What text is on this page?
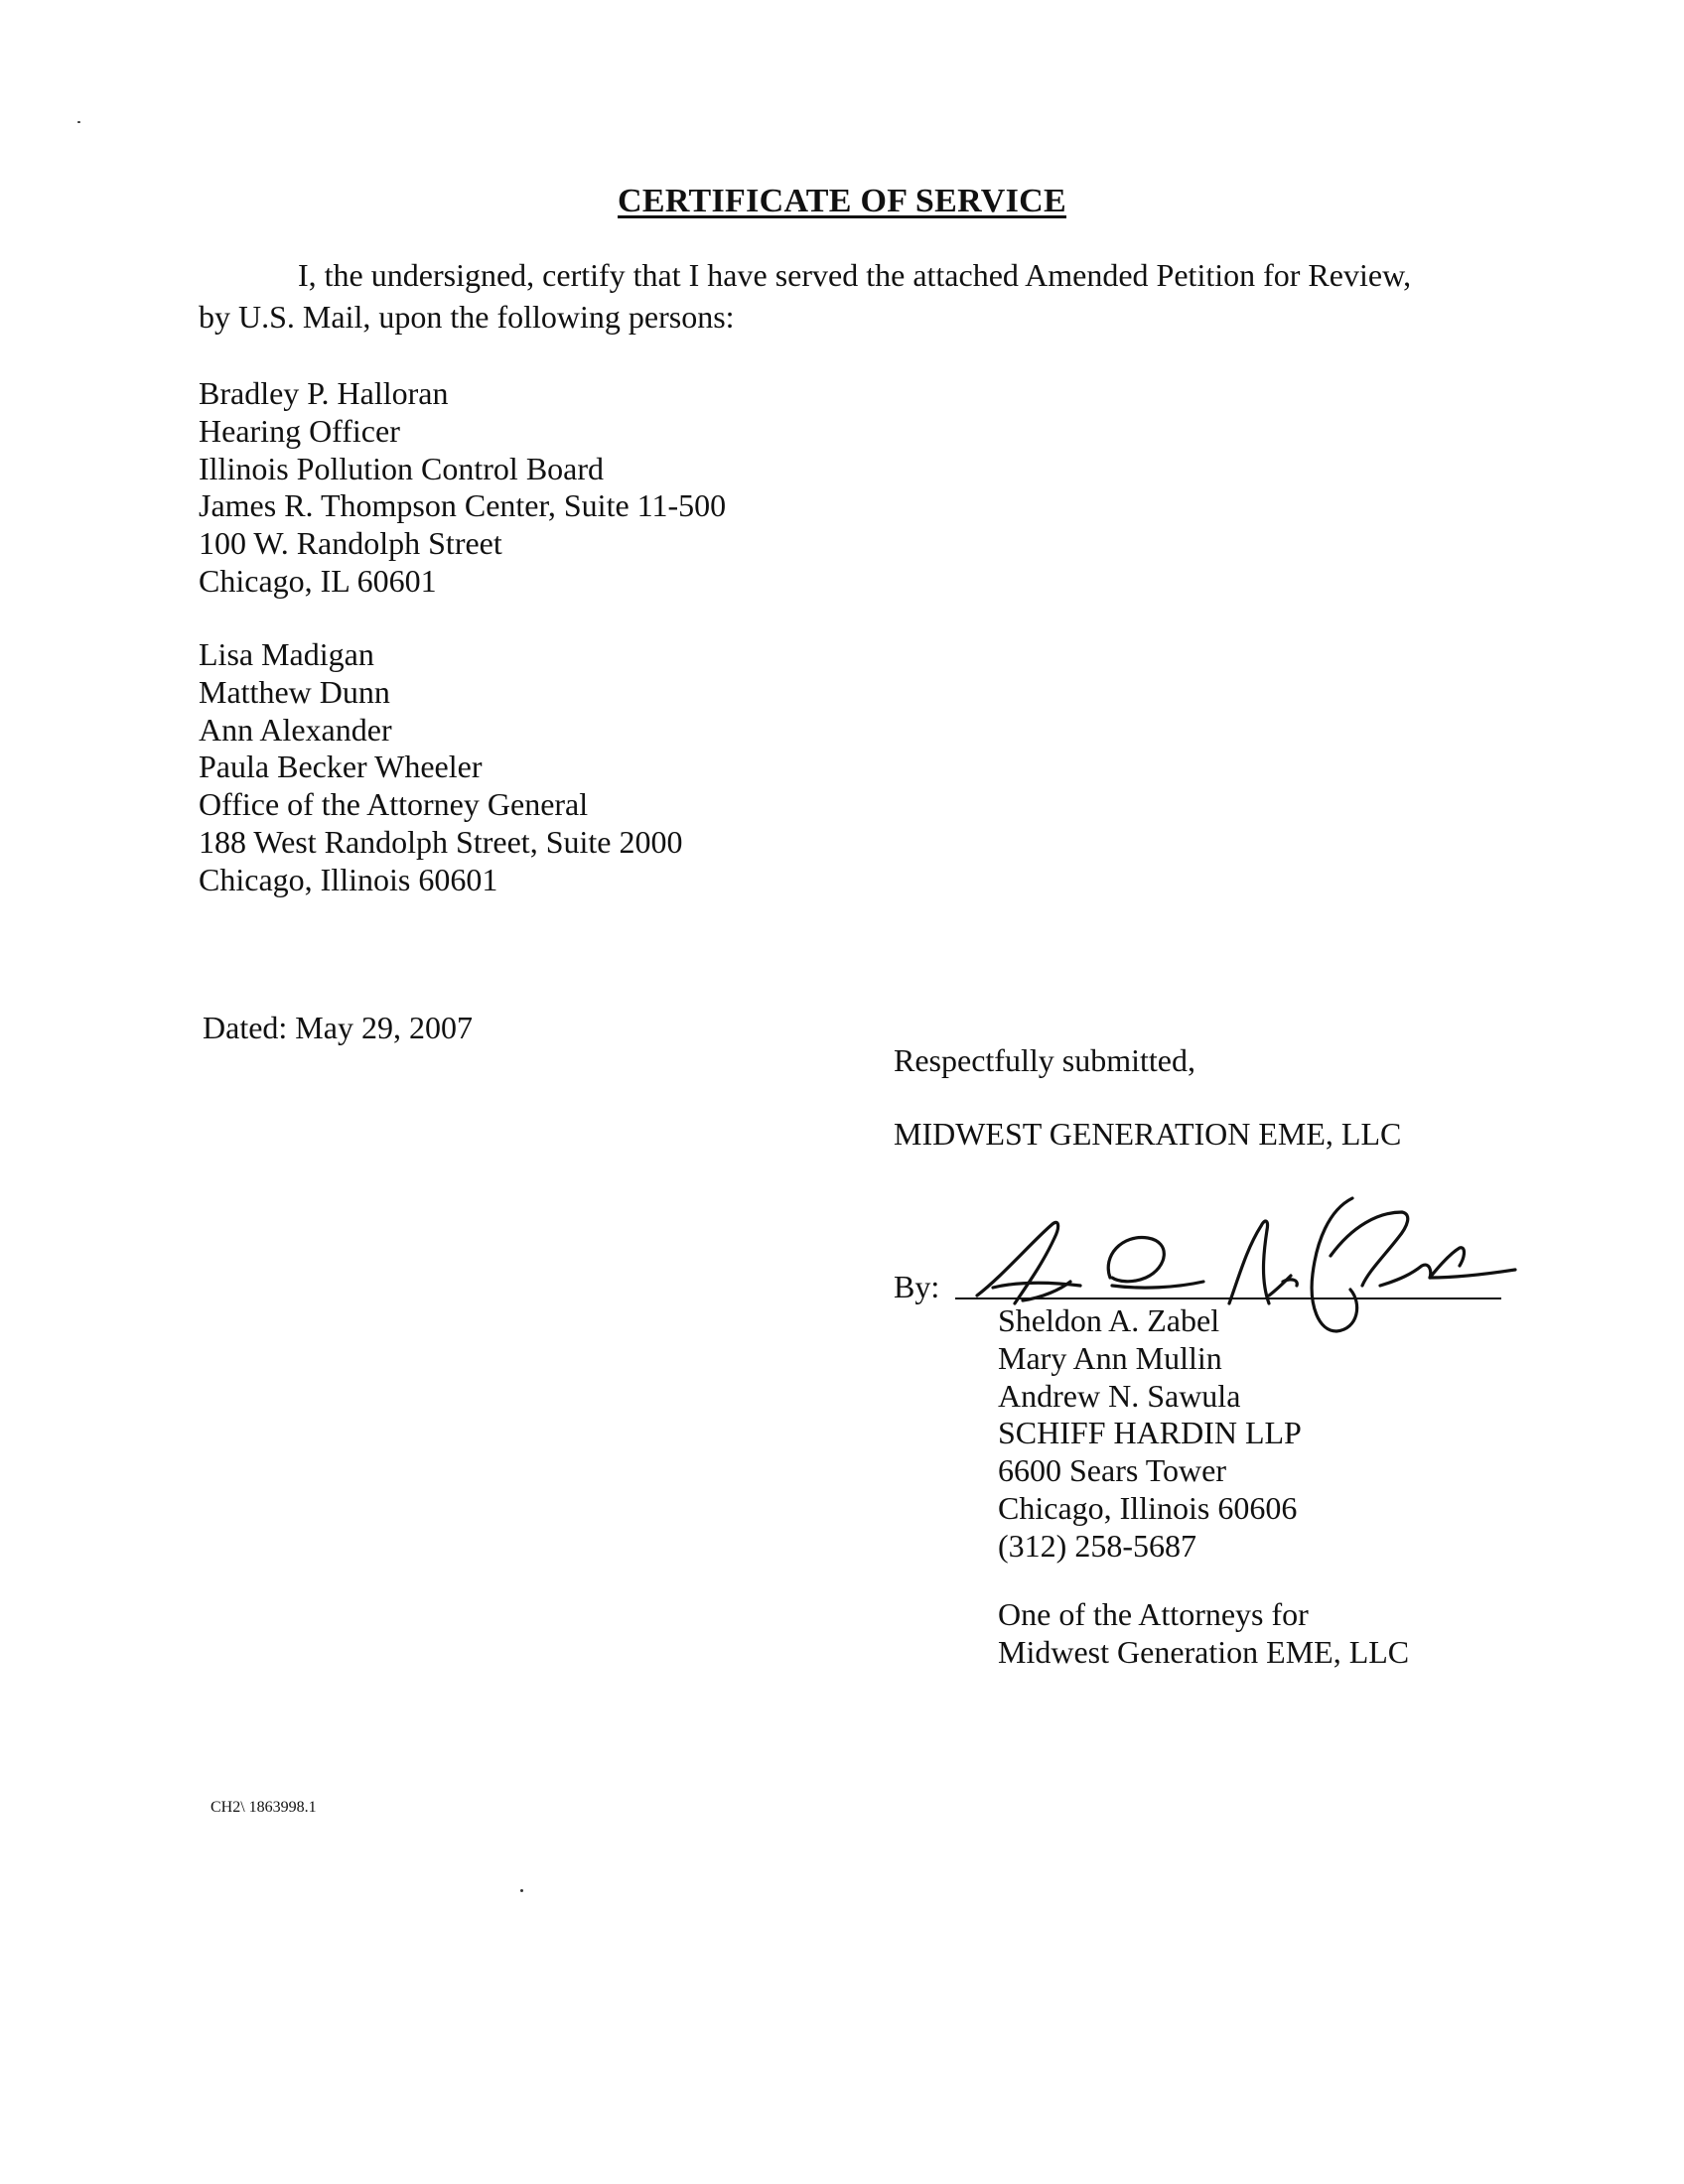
CERTIFICATE OF SERVICE
I, the undersigned, certify that I have served the attached Amended Petition for Review,
by U.S. Mail, upon the following persons:
Bradley P. Halloran
Hearing Officer
Illinois Pollution Control Board
James R. Thompson Center, Suite 11-500
100 W. Randolph Street
Chicago, IL 60601
Lisa Madigan
Matthew Dunn
Ann Alexander
Paula Becker Wheeler
Office of the Attorney General
188 West Randolph Street, Suite 2000
Chicago, Illinois 60601
Dated: May 29, 2007
Respectfully submitted,
MIDWEST GENERATION EME, LLC
By:
Sheldon A. Zabel
Mary Ann Mullin
Andrew N. Sawula
SCHIFF HARDIN LLP
6600 Sears Tower
Chicago, Illinois 60606
(312) 258-5687
One of the Attorneys for
Midwest Generation EME, LLC
CH2\ 1863998.1
